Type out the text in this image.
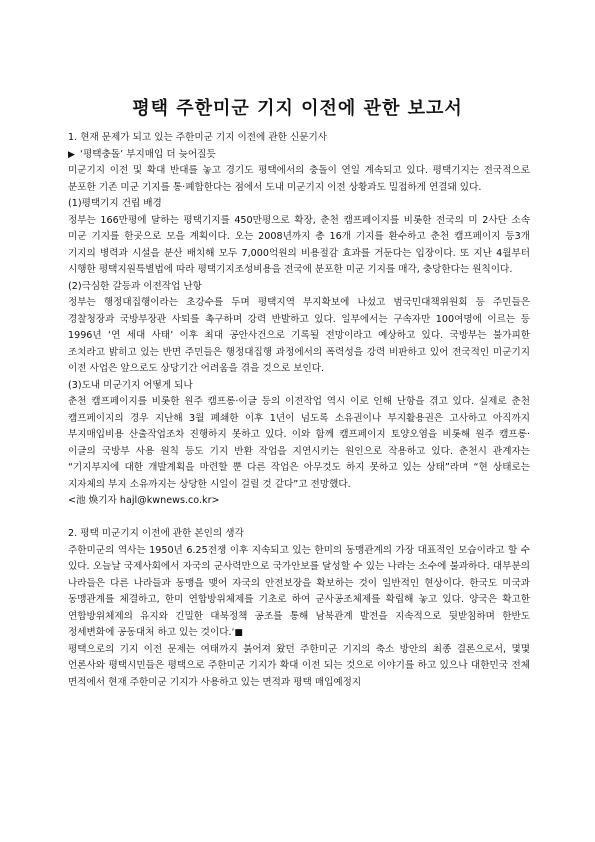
평택 주한미군 기지 이전에 관한 보고서

1. 현재 문제가 되고 있는 주한미군 기지 이전에 관한 신문기사

▶ ‘평택충돌’ 부지매입 더 늦어질듯

미군기지 이전 및 확대 반대를 놓고 경기도 평택에서의 충돌이 연일 계속되고 있다. 평택기지는 전국적으로 분포한 기존 미군 기지를 통·폐합한다는 점에서 도내 미군기지 이전 상황과도 밀접하게 연결돼 있다.

(1)평택기지 건립 배경

정부는 166만평에 달하는 평택기지를 450만평으로 확장, 춘천 캠프페이지를 비롯한 전국의 미 2사단 소속 미군 기지를 한곳으로 모을 계획이다. 오는 2008년까지 총 16개 기지를 환수하고 춘천 캠프페이지 등3개 기지의 병력과 시설을 분산 배치해 모두 7,000억원의 비용절감 효과를 거둔다는 입장이다. 또 지난 4월부터 시행한 평택지원특별법에 따라 평택기지조성비용을 전국에 분포한 미군 기지를 매각, 충당한다는 원칙이다.

(2)극심한 갈등과 이전작업 난항

정부는 행정대집행이라는 초강수를 두며 평택지역 부지확보에 나섰고 범국민대책위원회 등 주민들은 경찰청장과 국방부장관 사퇴를 촉구하며 강력 반발하고 있다. 일부에서는 구속자만 100여명에 이르는 등 1996년 ‘연 세대 사태’ 이후 최대 공안사건으로 기록될 전망이라고 예상하고 있다. 국방부는 불가피한 조치라고 밝히고 있는 반면 주민들은 행정대집행 과정에서의 폭력성을 강력 비판하고 있어 전국적인 미군기지 이전 사업은 앞으로도 상당기간 어려움을 겪을 것으로 보인다.

(3)도내 미군기지 어떻게 되나

춘천 캠프페이지를 비롯한 원주 캠프롱·이글 등의 이전작업 역시 이로 인해 난항을 겪고 있다. 실제로 춘천 캠프페이지의 경우 지난해 3월 폐쇄한 이후 1년이 넘도록 소유권이나 부지활용권은 고사하고 아직까지 부지매입비용 산출작업조차 진행하지 못하고 있다. 이와 함께 캠프페이지 토양오염을 비롯해 원주 캠프롱·이글의 국방부 사용 원칙 등도 기지 반환 작업을 지연시키는 원인으로 작용하고 있다. 춘천시 관계자는 “기지부지에 대한 개발계획을 마련할 뿐 다른 작업은 아무것도 하지 못하고 있는 상태”라며 “현 상태로는 지자체의 부지 소유까지는 상당한 시일이 걸릴 것 같다”고 전망했다.

<池 煥기자 hajl@kwnews.co.kr>

2. 평택 미군기지 이전에 관한 본인의 생각

주한미군의 역사는 1950년 6.25전쟁 이후 지속되고 있는 한미의 동맹관계의 가장 대표적인 모습이라고 할 수 있다. 오늘날 국제사회에서 자국의 군사력만으로 국가안보를 달성할 수 있는 나라는 소수에 불과하다. 대부분의 나라들은 다른 나라들과 동맹을 맺어 자국의 안전보장을 확보하는 것이 일반적인 현상이다. 한국도 미국과 동맹관계를 체결하고, 한미 연합방위체제를 기초로 하여 군사공조체제를 확립해 놓고 있다. 양국은 확고한 연합방위체제의 유지와 긴밀한 대북정책 공조를 통해 남북관계 발전을 지속적으로 뒷받침하며 한반도 정세변화에 공동대처 하고 있는 것이다.’■

평택으로의 기지 이전 문제는 여태까지 붉어져 왔던 주한미군 기지의 축소 방안의 최종 결론으로서, 몇몇 언론사와 평택시민들은 평택으로 주한미군 기지가 확대 이전 되는 것으로 이야기를 하고 있으나 대한민국 전체 면적에서 현재 주한미군 기지가 사용하고 있는 면적과 평택 매입예정지
